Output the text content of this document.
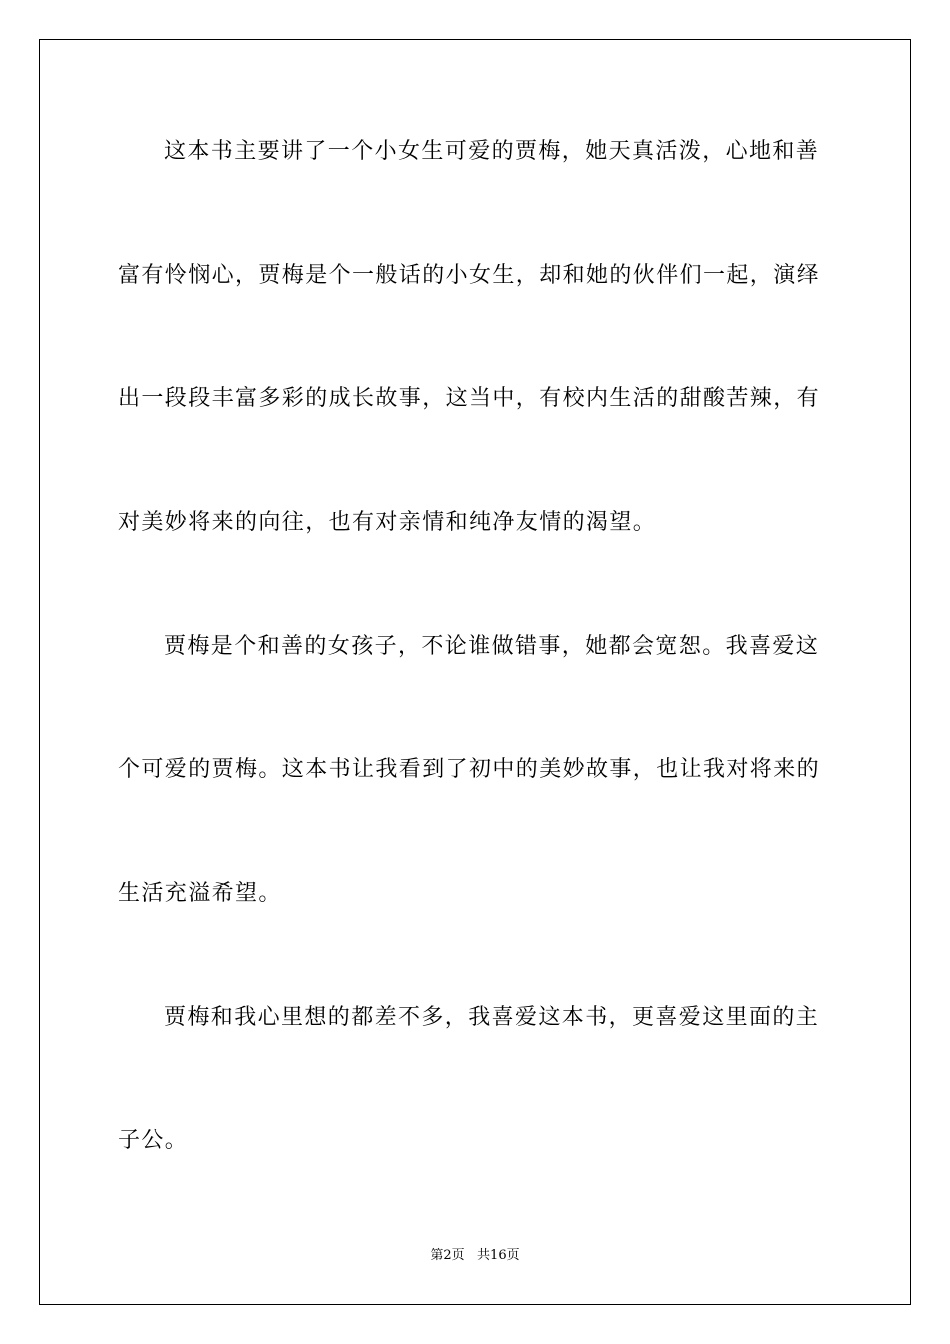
这本书主要讲了一个小女生可爱的贾梅，她天真活泼，心地和善
富有怜悯心，贾梅是个一般话的小女生，却和她的伙伴们一起，演绎
出一段段丰富多彩的成长故事，这当中，有校内生活的甜酸苦辣，有
对美妙将来的向往，也有对亲情和纯净友情的渴望。
贾梅是个和善的女孩子，不论谁做错事，她都会宽恕。我喜爱这
个可爱的贾梅。这本书让我看到了初中的美妙故事，也让我对将来的
生活充溢希望。
贾梅和我心里想的都差不多，我喜爱这本书，更喜爱这里面的主
子公。
第2页   共16页
